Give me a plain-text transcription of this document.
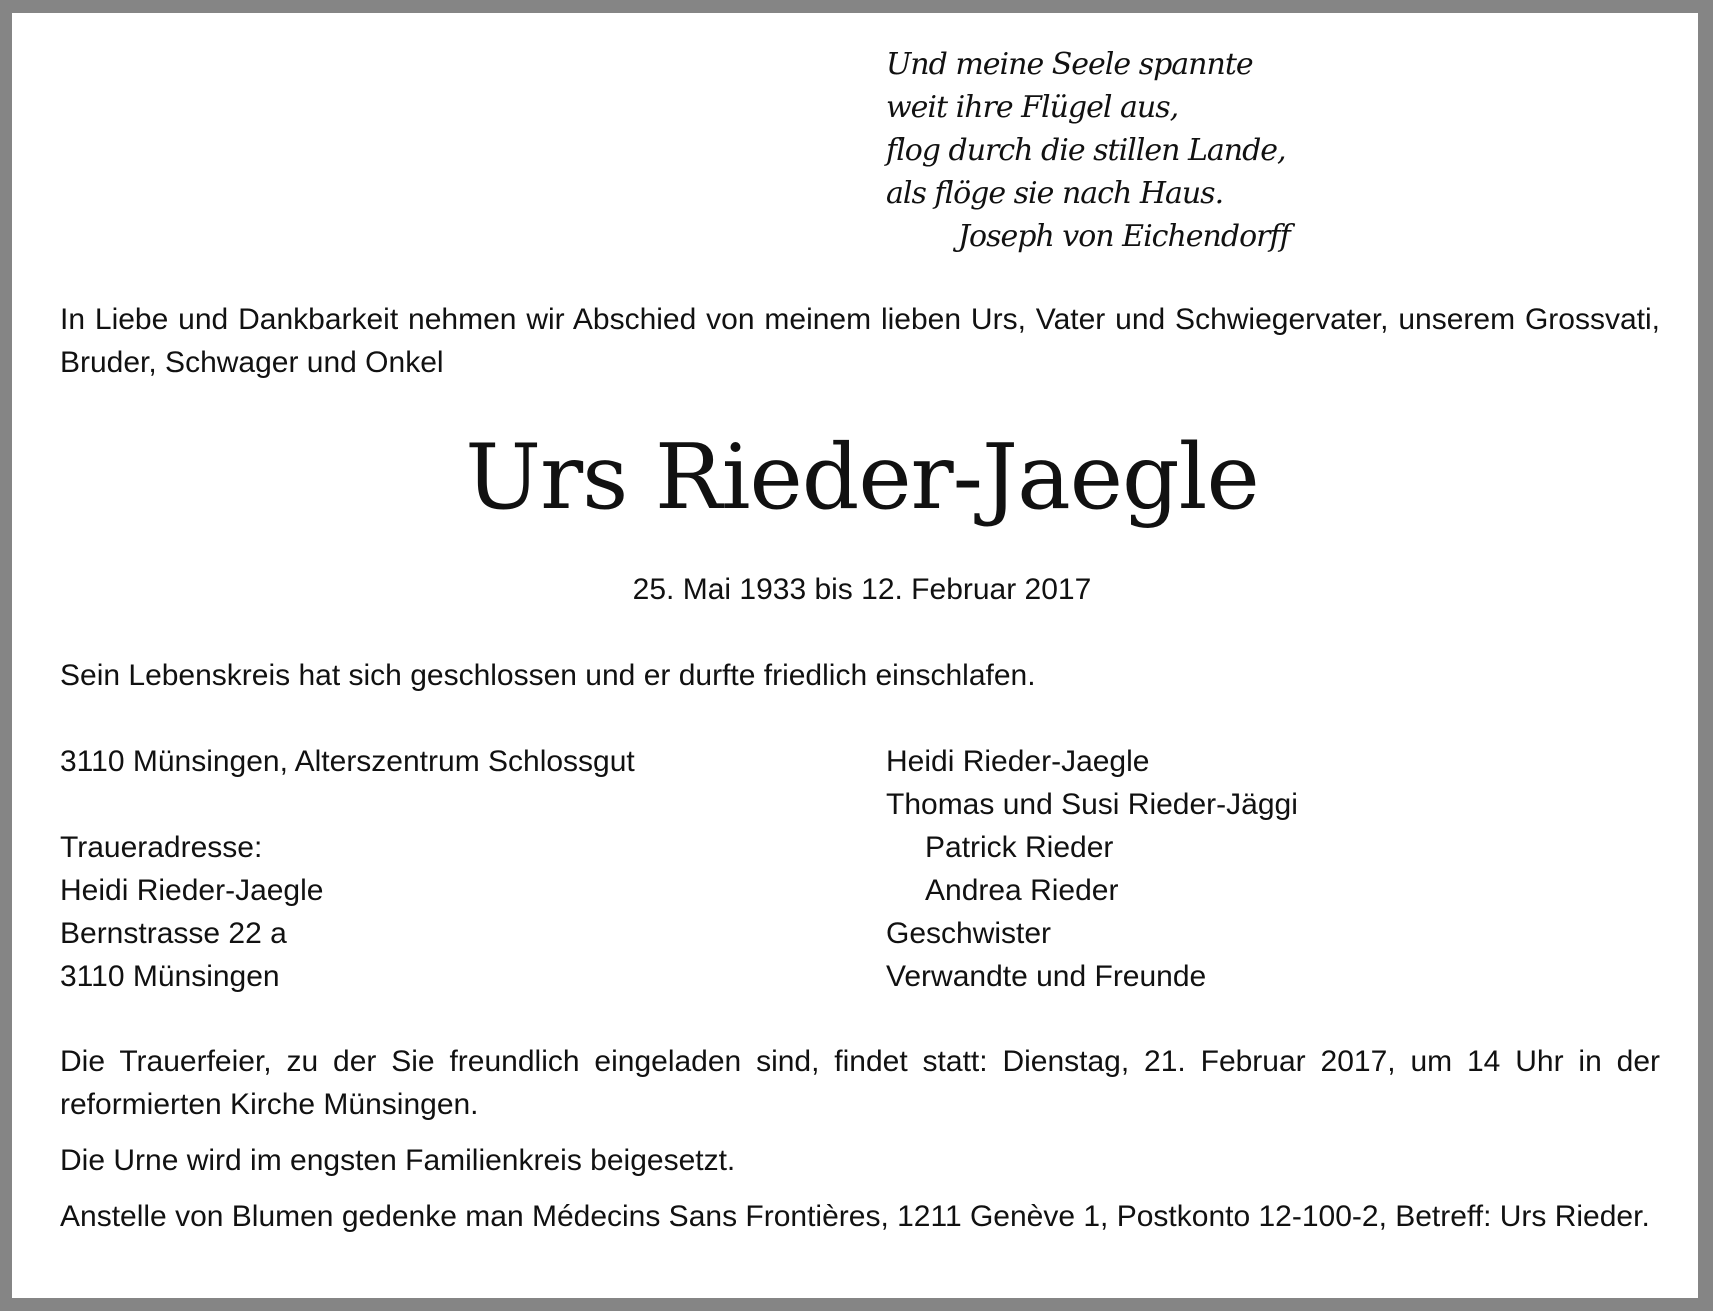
Und meine Seele spannte
weit ihre Flügel aus,
flog durch die stillen Lande,
als flöge sie nach Haus.
Joseph von Eichendorff
In Liebe und Dankbarkeit nehmen wir Abschied von meinem lieben Urs, Vater und Schwiegervater, unserem Grossvati, Bruder, Schwager und Onkel
Urs Rieder-Jaegle
25. Mai 1933 bis 12. Februar 2017
Sein Lebenskreis hat sich geschlossen und er durfte friedlich einschlafen.
3110 Münsingen, Alterszentrum Schlossgut
Traueradresse:
Heidi Rieder-Jaegle
Bernstrasse 22 a
3110 Münsingen
Heidi Rieder-Jaegle
Thomas und Susi Rieder-Jäggi
Patrick Rieder
Andrea Rieder
Geschwister
Verwandte und Freunde
Die Trauerfeier, zu der Sie freundlich eingeladen sind, findet statt: Dienstag, 21. Februar 2017, um 14 Uhr in der reformierten Kirche Münsingen.
Die Urne wird im engsten Familienkreis beigesetzt.
Anstelle von Blumen gedenke man Médecins Sans Frontières, 1211 Genève 1, Postkonto 12-100-2, Betreff: Urs Rieder.
